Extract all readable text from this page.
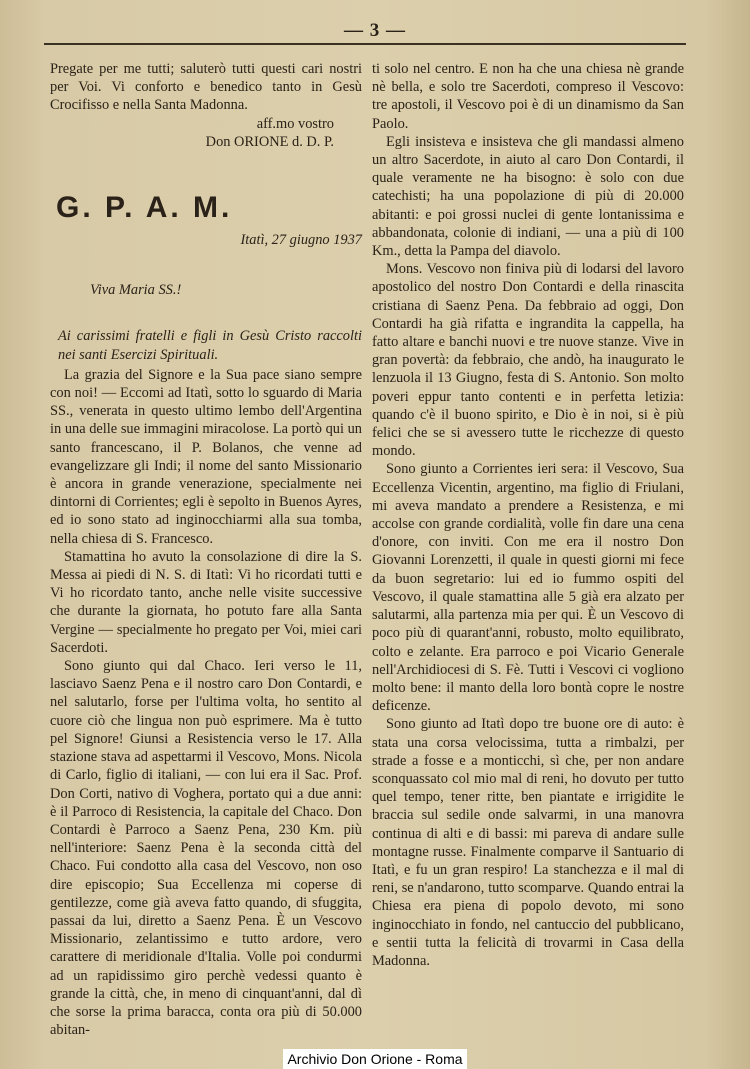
— 3 —

Pregate per me tutti; saluterò tutti questi cari nostri per Voi. Vi conforto e benedico tanto in Gesù Crocifisso e nella Santa Madonna.

aff.mo vostro
Don ORIONE d. D. P.
G. P. A. M.
Itatì, 27 giugno 1937
Viva Maria SS.!
Ai carissimi fratelli e figli in Gesù Cristo raccolti nei santi Esercizi Spirituali.

La grazia del Signore e la Sua pace siano sempre con noi! — Eccomi ad Itatì, sotto lo sguardo di Maria SS., venerata in questo ultimo lembo dell'Argentina in una delle sue immagini miracolose. La portò qui un santo francescano, il P. Bolanos, che venne ad evangelizzare gli Indi; il nome del santo Missionario è ancora in grande venerazione, specialmente nei dintorni di Corrientes; egli è sepolto in Buenos Ayres, ed io sono stato ad inginocchiarmi alla sua tomba, nella chiesa di S. Francesco.

Stamattina ho avuto la consolazione di dire la S. Messa ai piedi di N. S. di Itatì: Vi ho ricordati tutti e Vi ho ricordato tanto, anche nelle visite successive che durante la giornata, ho potuto fare alla Santa Vergine — specialmente ho pregato per Voi, miei cari Sacerdoti.

Sono giunto qui dal Chaco. Ieri verso le 11, lasciavo Saenz Pena e il nostro caro Don Contardi, e nel salutarlo, forse per l'ultima volta, ho sentito al cuore ciò che lingua non può esprimere. Ma è tutto pel Signore! Giunsi a Resistencia verso le 17. Alla stazione stava ad aspettarmi il Vescovo, Mons. Nicola di Carlo, figlio di italiani, — con lui era il Sac. Prof. Don Corti, nativo di Voghera, portato qui a due anni: è il Parroco di Resistencia, la capitale del Chaco. Don Contardi è Parroco a Saenz Pena, 230 Km. più nell'interiore: Saenz Pena è la seconda città del Chaco. Fui condotto alla casa del Vescovo, non oso dire episcopio; Sua Eccellenza mi coperse di gentilezze, come già aveva fatto quando, di sfuggita, passai da lui, diretto a Saenz Pena. È un Vescovo Missionario, zelantissimo e tutto ardore, vero carattere di meridionale d'Italia. Volle poi condurmi ad un rapidissimo giro perchè vedessi quanto è grande la città, che, in meno di cinquant'anni, dal dì che sorse la prima baracca, conta ora più di 50.000 abitan-

ti solo nel centro. E non ha che una chiesa nè grande nè bella, e solo tre Sacerdoti, compreso il Vescovo: tre apostoli, il Vescovo poi è di un dinamismo da San Paolo.

Egli insisteva e insisteva che gli mandassi almeno un altro Sacerdote, in aiuto al caro Don Contardi, il quale veramente ne ha bisogno: è solo con due catechisti; ha una popolazione di più di 20.000 abitanti: e poi grossi nuclei di gente lontanissima e abbandonata, colonie di indiani, — una a più di 100 Km., detta la Pampa del diavolo.

Mons. Vescovo non finiva più di lodarsi del lavoro apostolico del nostro Don Contardi e della rinascita cristiana di Saenz Pena. Da febbraio ad oggi, Don Contardi ha già rifatta e ingrandita la cappella, ha fatto altare e banchi nuovi e tre nuove stanze. Vive in gran povertà: da febbraio, che andò, ha inaugurato le lenzuola il 13 Giugno, festa di S. Antonio. Son molto poveri eppur tanto contenti e in perfetta letizia: quando c'è il buono spirito, e Dio è in noi, si è più felici che se si avessero tutte le ricchezze di questo mondo.

Sono giunto a Corrientes ieri sera: il Vescovo, Sua Eccellenza Vicentin, argentino, ma figlio di Friulani, mi aveva mandato a prendere a Resistenza, e mi accolse con grande cordialità, volle fin dare una cena d'onore, con inviti. Con me era il nostro Don Giovanni Lorenzetti, il quale in questi giorni mi fece da buon segretario: lui ed io fummo ospiti del Vescovo, il quale stamattina alle 5 già era alzato per salutarmi, alla partenza mia per qui. È un Vescovo di poco più di quarant'anni, robusto, molto equilibrato, colto e zelante. Era parroco e poi Vicario Generale nell'Archidiocesi di S. Fè. Tutti i Vescovi ci vogliono molto bene: il manto della loro bontà copre le nostre deficenze.

Sono giunto ad Itatì dopo tre buone ore di auto: è stata una corsa velocissima, tutta a rimbalzi, per strade a fosse e a monticchi, sì che, per non andare sconquassato col mio mal di reni, ho dovuto per tutto quel tempo, tener ritte, ben piantate e irrigidite le braccia sul sedile onde salvarmi, in una manovra continua di alti e di bassi: mi pareva di andare sulle montagne russe. Finalmente comparve il Santuario di Itatì, e fu un gran respiro! La stanchezza e il mal di reni, se n'andarono, tutto scomparve. Quando entrai la Chiesa era piena di popolo devoto, mi sono inginocchiato in fondo, nel cantuccio del pubblicano, e sentii tutta la felicità di trovarmi in Casa della Madonna.

Archivio Don Orione - Roma
